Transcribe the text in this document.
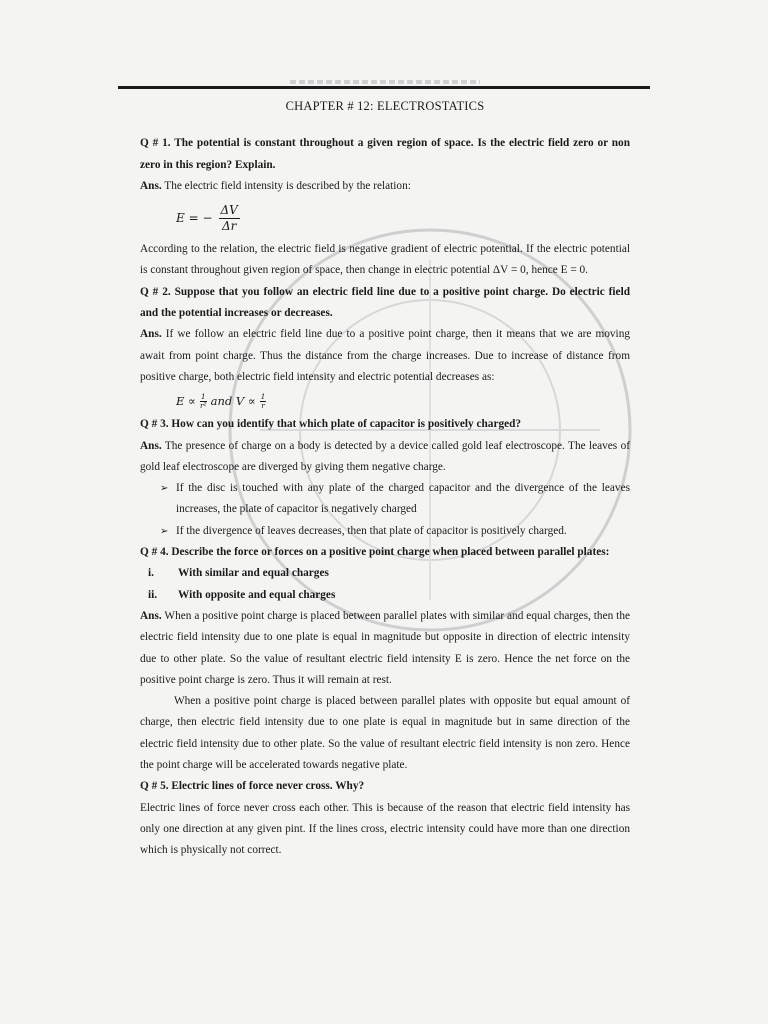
CHAPTER # 12: ELECTROSTATICS

Q # 1. The potential is constant throughout a given region of space. Is the electric field zero or non zero in this region? Explain.

Ans. The electric field intensity is described by the relation:

E = − $\frac{\Delta V}{\Delta r}$

According to the relation, the electric field is negative gradient of electric potential. If the electric potential is constant throughout given region of space, then change in electric potential ΔV = 0, hence E = 0.

Q # 2. Suppose that you follow an electric field line due to a positive point charge. Do electric field and the potential increases or decreases.

Ans. If we follow an electric field line due to a positive point charge, then it means that we are moving await from point charge. Thus the distance from the charge increases. Due to increase of distance from positive charge, both electric field intensity and electric potential decreases as:

$E \propto \frac{1}{\text{r²}}$ and $V \propto \frac{1}{r}$

Q # 3. How can you identify that which plate of capacitor is positively charged?

Ans. The presence of charge on a body is detected by a device called gold leaf electroscope. The leaves of gold leaf electroscope are diverged by giving them negative charge.

➢ If the disc is touched with any plate of the charged capacitor and the divergence of the leaves increases, the plate of capacitor is negatively charged
➢ If the divergence of leaves decreases, then that plate of capacitor is positively charged.

Q # 4. Describe the force or forces on a positive point charge when placed between parallel plates:

i.	With similar and equal charges
ii.	With opposite and equal charges

Ans. When a positive point charge is placed between parallel plates with similar and equal charges, then the electric field intensity due to one plate is equal in magnitude but opposite in direction of electric intensity due to other plate. So the value of resultant electric field intensity E is zero. Hence the net force on the positive point charge is zero. Thus it will remain at rest.

When a positive point charge is placed between parallel plates with opposite but equal amount of charge, then electric field intensity due to one plate is equal in magnitude but in same direction of the electric field intensity due to other plate. So the value of resultant electric field intensity is non zero. Hence the point charge will be accelerated towards negative plate.

Q # 5. Electric lines of force never cross. Why?

Electric lines of force never cross each other. This is because of the reason that electric field intensity has only one direction at any given pint. If the lines cross, electric intensity could have more than one direction which is physically not correct.
